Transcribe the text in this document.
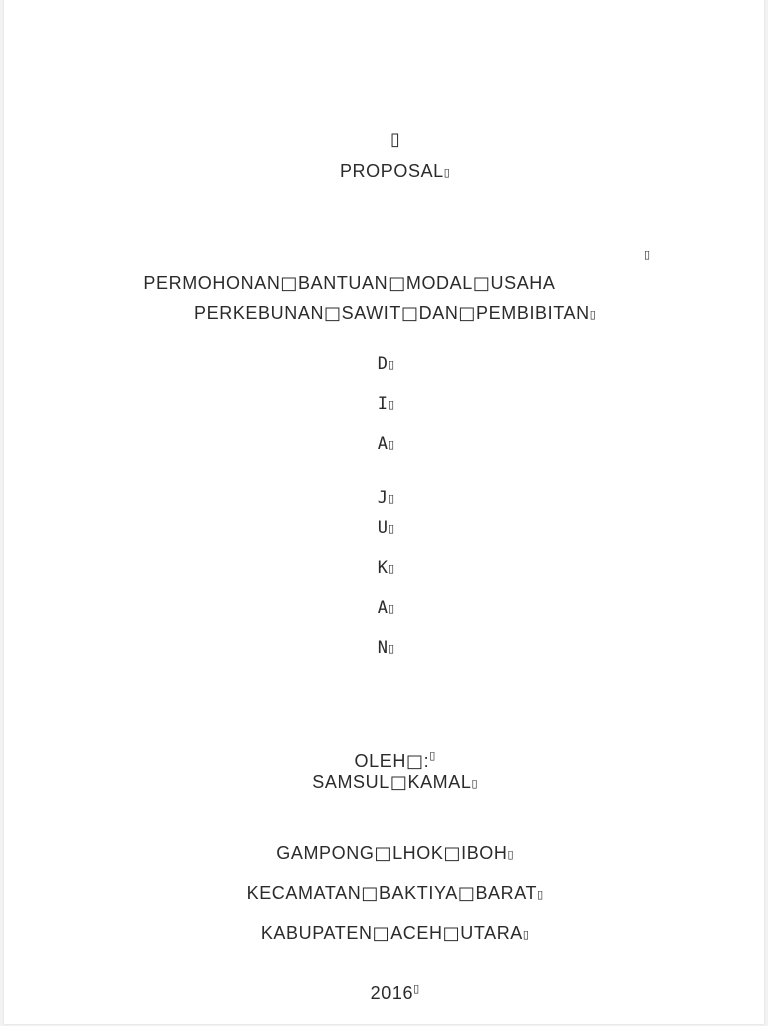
▯

PROPOSAL▯

PERMOHONAN□BANTUAN□MODAL□USAHA

▯

PERKEBUNAN□SAWIT□DAN□PEMBIBITAN▯

D▯
I▯
A▯
J▯
U▯
K▯
A▯
N▯

OLEH□:▯

SAMSUL□KAMAL▯

GAMPONG□LHOK□IBOH▯

KECAMATAN□BAKTIYA□BARAT▯

KABUPATEN□ACEH□UTARA▯

2016▯
